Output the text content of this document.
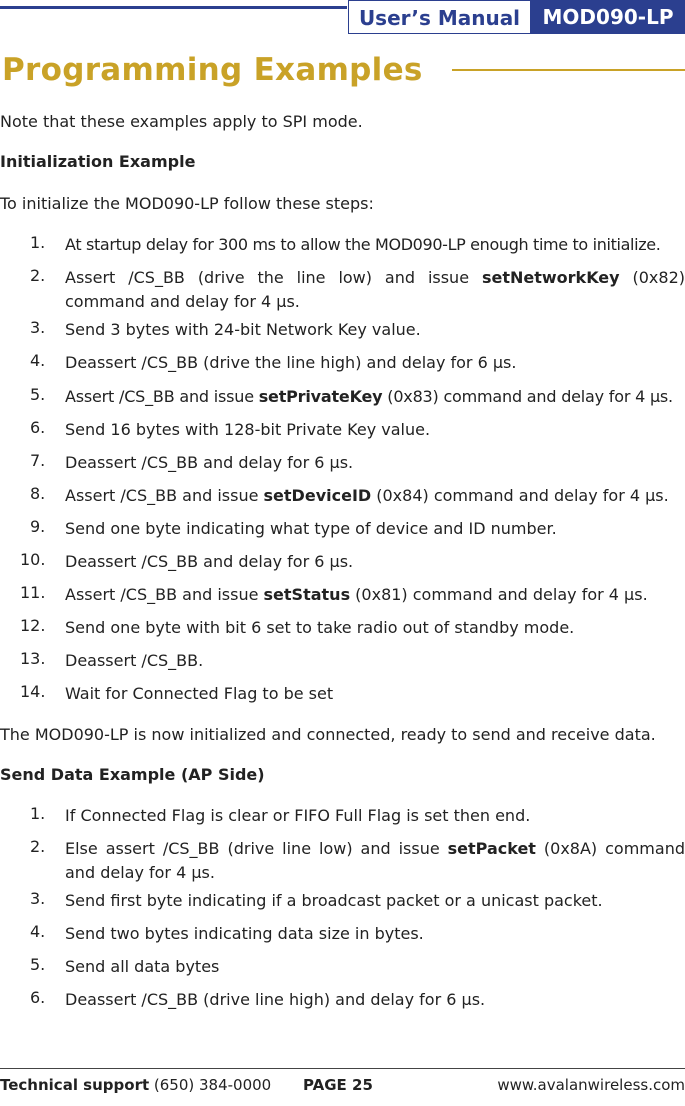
User’s Manual	MOD090-LP
Programming Examples
Note that these examples apply to SPI mode.
Initialization Example
To initialize the MOD090-LP follow these steps:
1.	At startup delay for 300 ms to allow the MOD090-LP enough time to initialize.
2.	Assert /CS_BB (drive the line low) and issue setNetworkKey (0x82) command and delay for 4 µs.
3.	Send 3 bytes with 24-bit Network Key value.
4.	Deassert /CS_BB (drive the line high) and delay for 6 µs.
5.	Assert /CS_BB and issue setPrivateKey (0x83) command and delay for 4 µs.
6.	Send 16 bytes with 128-bit Private Key value.
7.	Deassert /CS_BB and delay for 6 µs.
8.	Assert /CS_BB and issue setDeviceID (0x84) command and delay for 4 µs.
9.	Send one byte indicating what type of device and ID number.
10. Deassert /CS_BB and delay for 6 µs.
11. Assert /CS_BB and issue setStatus (0x81) command and delay for 4 µs.
12. Send one byte with bit 6 set to take radio out of standby mode.
13. Deassert /CS_BB.
14. Wait for Connected Flag to be set
The MOD090-LP is now initialized and connected, ready to send and receive data.
Send Data Example (AP Side)
1.	If Connected Flag is clear or FIFO Full Flag is set then end.
2.	Else assert /CS_BB (drive line low) and issue setPacket (0x8A) command and delay for 4 µs.
3.	Send ﬁrst byte indicating if a broadcast packet or a unicast packet.
4.	Send two bytes indicating data size in bytes.
5.	Send all data bytes
6.	Deassert /CS_BB (drive line high) and delay for 6 µs.
Technical support (650) 384-0000 PAGE 25	www.avalanwireless.com
